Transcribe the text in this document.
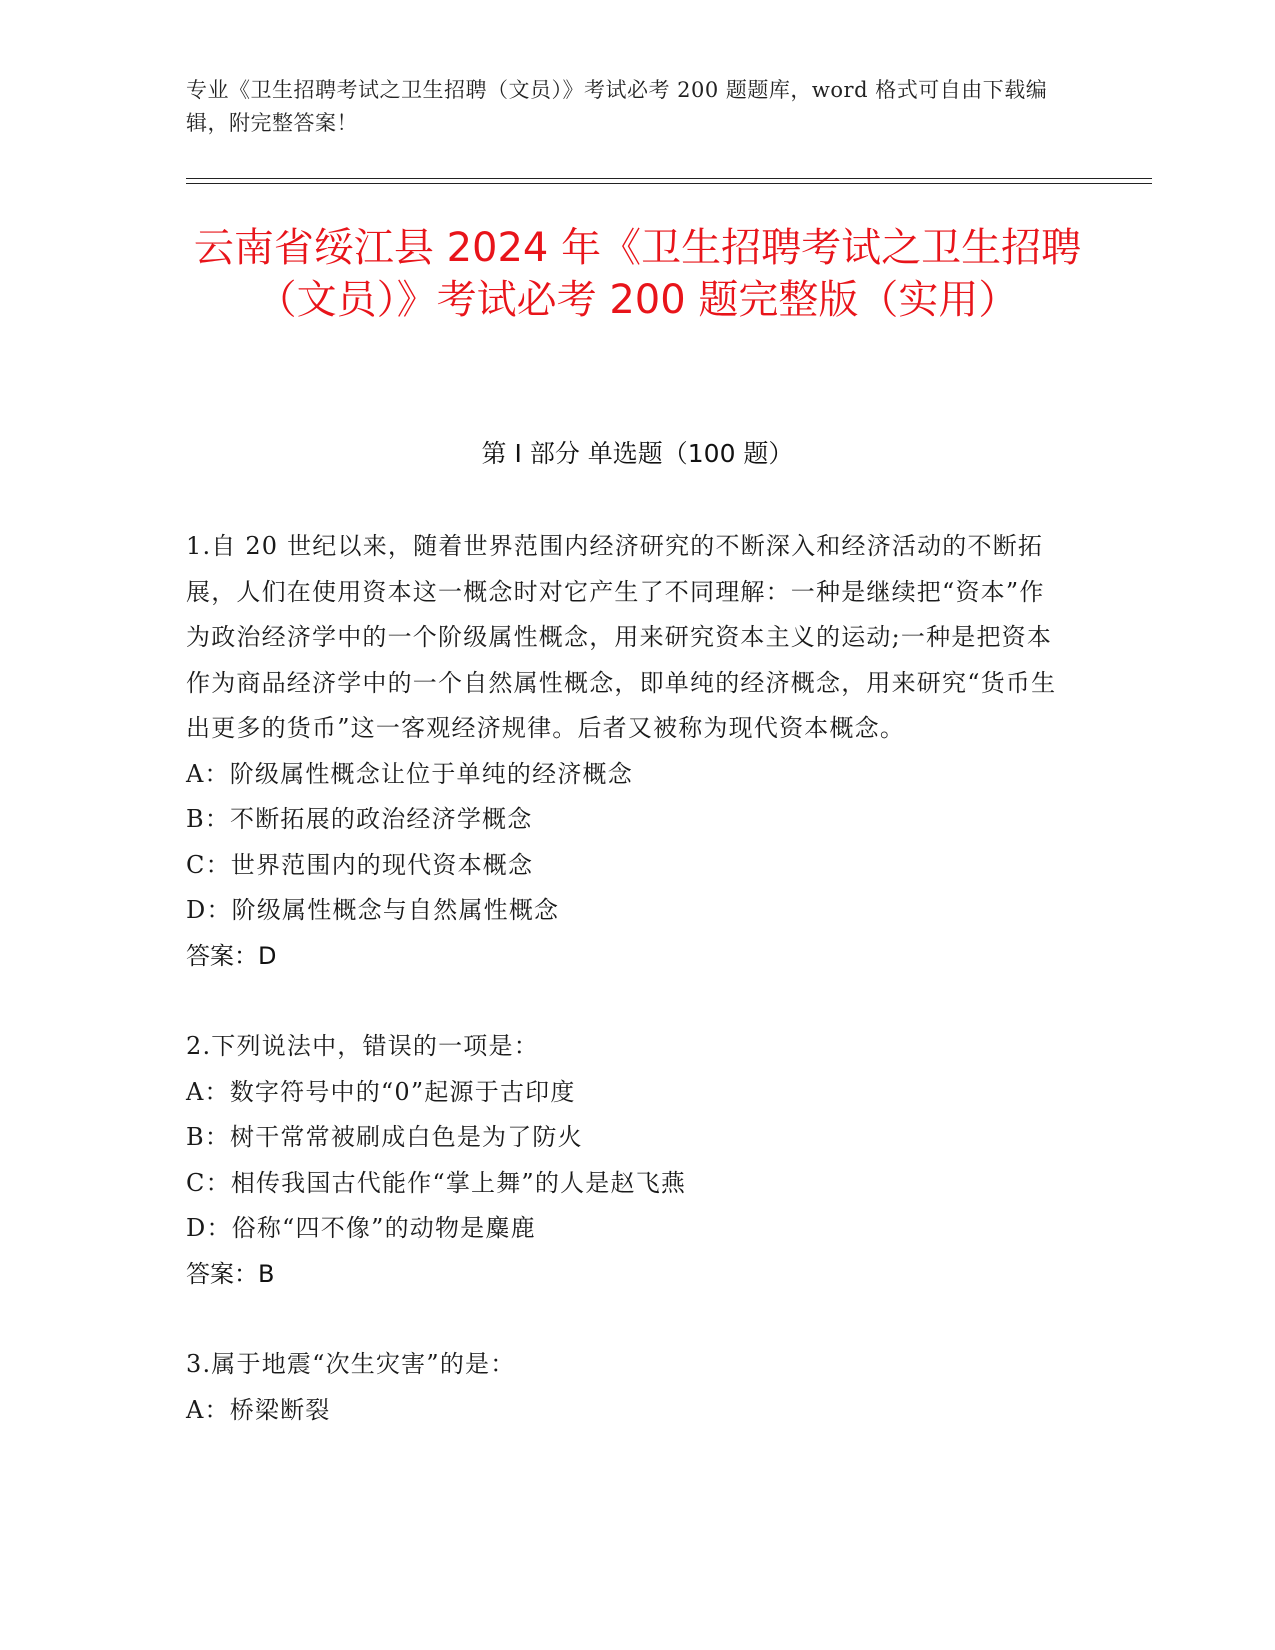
专业《卫生招聘考试之卫生招聘（文员）》考试必考 200 题题库，word 格式可自由下载编辑，附完整答案！
云南省绥江县 2024 年《卫生招聘考试之卫生招聘（文员）》考试必考 200 题完整版（实用）
第 I 部分 单选题（100 题）

1.自 20 世纪以来，随着世界范围内经济研究的不断深入和经济活动的不断拓展，人们在使用资本这一概念时对它产生了不同理解：一种是继续把“资本”作为政治经济学中的一个阶级属性概念，用来研究资本主义的运动;一种是把资本作为商品经济学中的一个自然属性概念，即单纯的经济概念，用来研究“货币生出更多的货币”这一客观经济规律。后者又被称为现代资本概念。

A：阶级属性概念让位于单纯的经济概念

B：不断拓展的政治经济学概念

C：世界范围内的现代资本概念

D：阶级属性概念与自然属性概念

答案：D

2.下列说法中，错误的一项是：

A：数字符号中的“0”起源于古印度

B：树干常常被刷成白色是为了防火

C：相传我国古代能作“掌上舞”的人是赵飞燕

D：俗称“四不像”的动物是麋鹿

答案：B

3.属于地震“次生灾害”的是：

A：桥梁断裂
